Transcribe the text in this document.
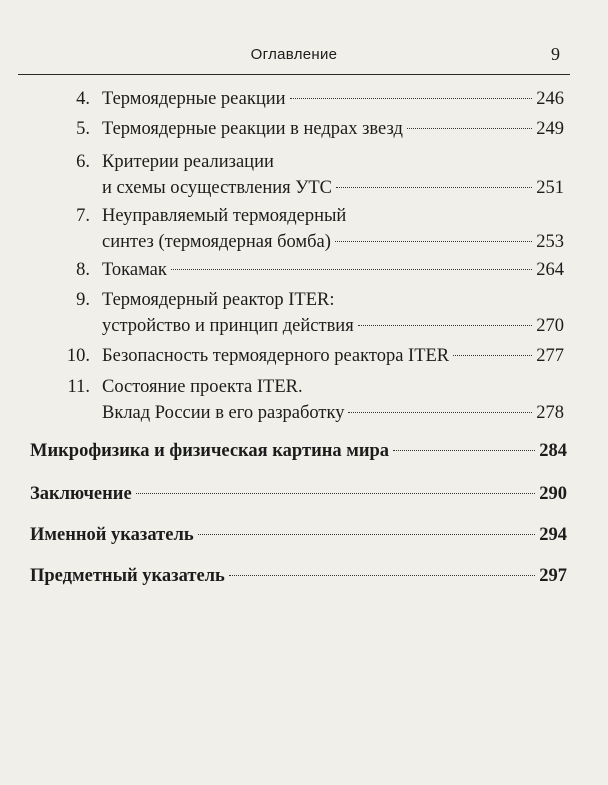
Оглавление	9
4. Термоядерные реакции	246
5. Термоядерные реакции в недрах звезд	249
6. Критерии реализации
и схемы осуществления УТС	251
7. Неуправляемый термоядерный
синтез (термоядерная бомба)	253
8. Токамак	264
9. Термоядерный реактор ITER:
устройство и принцип действия	270
10. Безопасность термоядерного реактора ITER	277
11. Состояние проекта ITER.
Вклад России в его разработку	278
Микрофизика и физическая картина мира	284
Заключение	290
Именной указатель	294
Предметный указатель	297
